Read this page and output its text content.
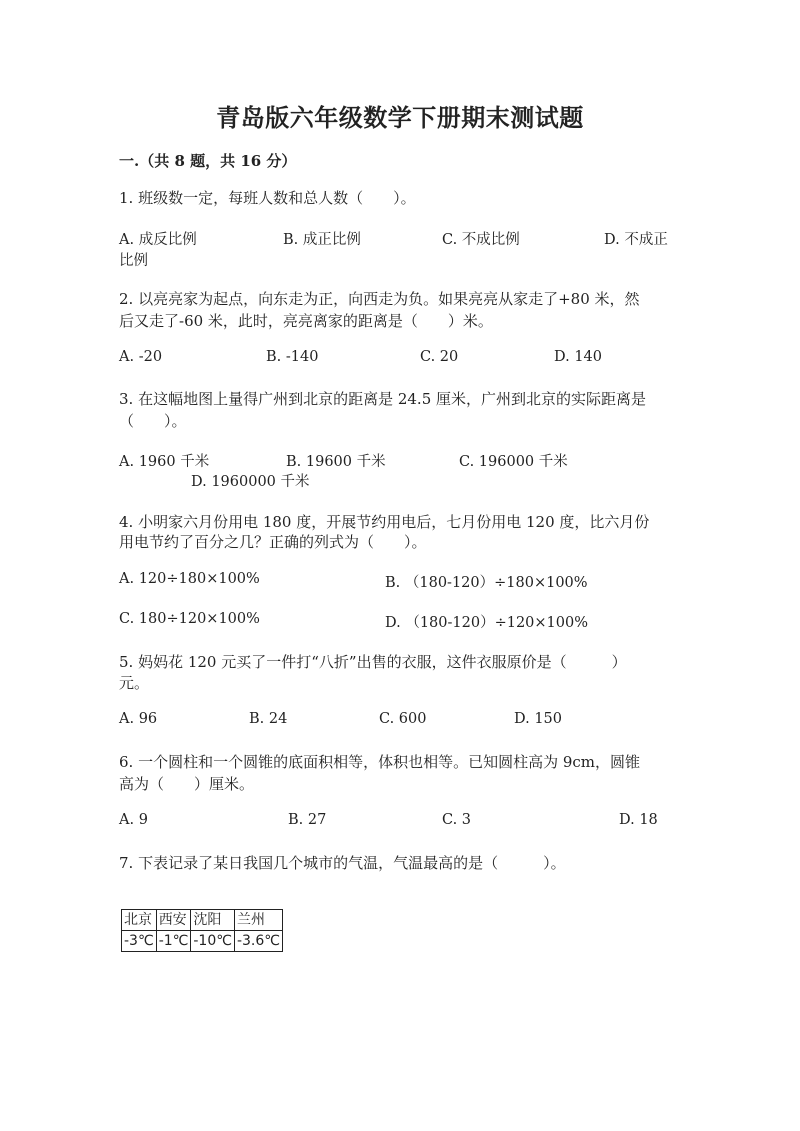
青岛版六年级数学下册期末测试题
一.（共 8 题，共 16 分）
1. 班级数一定，每班人数和总人数（　　）。
A. 成反比例	B. 成正比例	C. 不成比例	D. 不成正
比例
2. 以亮亮家为起点，向东走为正，向西走为负。如果亮亮从家走了+80 米，然
后又走了-60 米，此时，亮亮离家的距离是（　　）米。
A. -20	B. -140	C. 20	D. 140
3. 在这幅地图上量得广州到北京的距离是 24.5 厘米，广州到北京的实际距离是
（　　）。
A. 1960 千米	B. 19600 千米	C. 196000 千米
D. 1960000 千米
4. 小明家六月份用电 180 度，开展节约用电后，七月份用电 120 度，比六月份
用电节约了百分之几？正确的列式为（　　）。
A. 120÷180×100%	B. （180-120）÷180×100%
C. 180÷120×100%	D. （180-120）÷120×100%
5. 妈妈花 120 元买了一件打“八折”出售的衣服，这件衣服原价是（　　　）
元。
A. 96	B. 24	C. 600	D. 150
6. 一个圆柱和一个圆锥的底面积相等，体积也相等。已知圆柱高为 9cm，圆锥
高为（　　）厘米。
A. 9	B. 27	C. 3	D. 18
7. 下表记录了某日我国几个城市的气温，气温最高的是（　　　）。
北京	西安	沈阳	兰州
-3℃	-1℃	-10℃	-3.6℃
